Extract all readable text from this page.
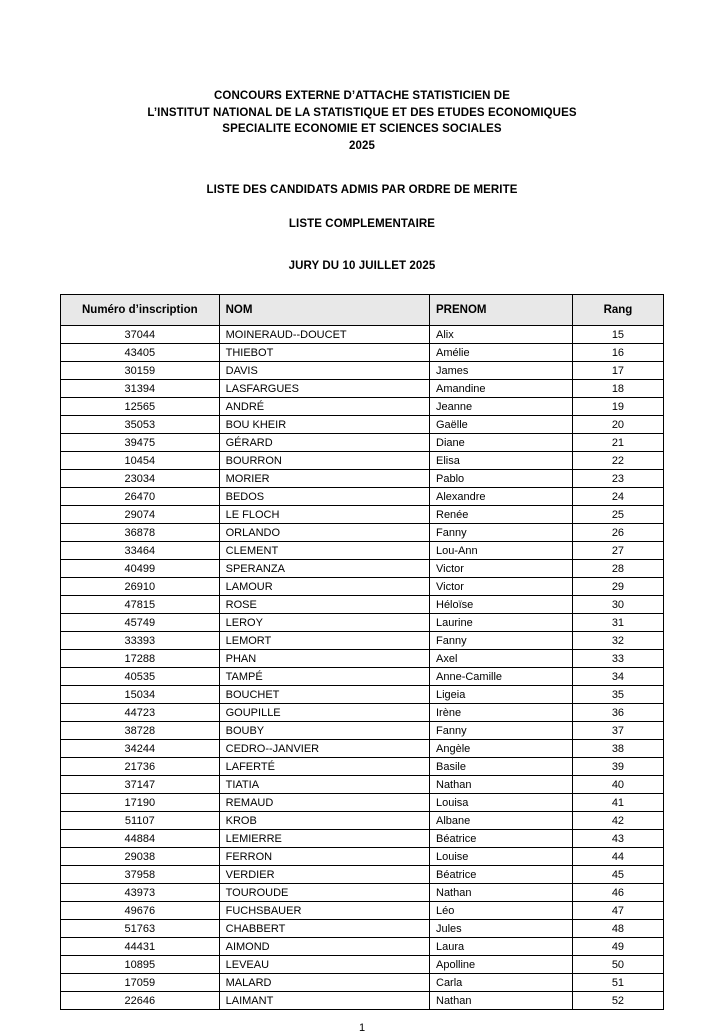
CONCOURS EXTERNE D’ATTACHE STATISTICIEN DE
L’INSTITUT NATIONAL DE LA STATISTIQUE ET DES ETUDES ECONOMIQUES
SPECIALITE ECONOMIE ET SCIENCES SOCIALES
2025
LISTE DES CANDIDATS ADMIS PAR ORDRE DE MERITE
LISTE COMPLEMENTAIRE
JURY DU 10 JUILLET 2025
Numéro d’inscription	NOM	PRENOM	Rang
37044	MOINERAUD--DOUCET	Alix	15
43405	THIEBOT	Amélie	16
30159	DAVIS	James	17
31394	LASFARGUES	Amandine	18
12565	ANDRÉ	Jeanne	19
35053	BOU KHEIR	Gaëlle	20
39475	GÉRARD	Diane	21
10454	BOURRON	Elisa	22
23034	MORIER	Pablo	23
26470	BEDOS	Alexandre	24
29074	LE FLOCH	Renée	25
36878	ORLANDO	Fanny	26
33464	CLEMENT	Lou-Ann	27
40499	SPERANZA	Victor	28
26910	LAMOUR	Victor	29
47815	ROSE	Héloïse	30
45749	LEROY	Laurine	31
33393	LEMORT	Fanny	32
17288	PHAN	Axel	33
40535	TAMPÉ	Anne-Camille	34
15034	BOUCHET	Ligeia	35
44723	GOUPILLE	Irène	36
38728	BOUBY	Fanny	37
34244	CEDRO--JANVIER	Angèle	38
21736	LAFERTÉ	Basile	39
37147	TIATIA	Nathan	40
17190	REMAUD	Louisa	41
51107	KROB	Albane	42
44884	LEMIERRE	Béatrice	43
29038	FERRON	Louise	44
37958	VERDIER	Béatrice	45
43973	TOUROUDE	Nathan	46
49676	FUCHSBAUER	Léo	47
51763	CHABBERT	Jules	48
44431	AIMOND	Laura	49
10895	LEVEAU	Apolline	50
17059	MALARD	Carla	51
22646	LAIMANT	Nathan	52
1
